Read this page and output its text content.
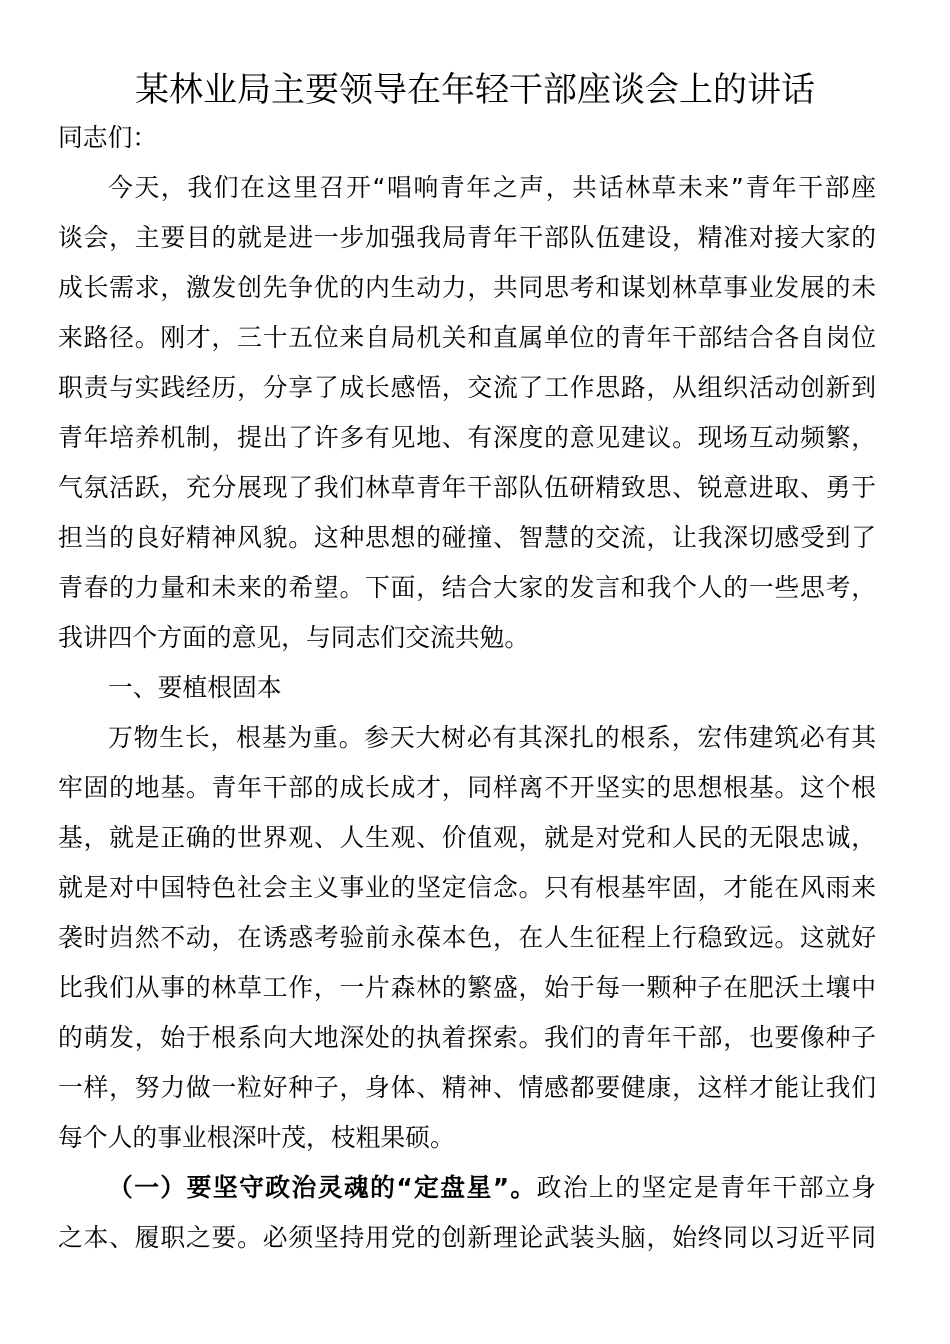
某林业局主要领导在年轻干部座谈会上的讲话
同志们：
今天，我们在这里召开“唱响青年之声，共话林草未来”青年干部座
谈会，主要目的就是进一步加强我局青年干部队伍建设，精准对接大家的
成长需求，激发创先争优的内生动力，共同思考和谋划林草事业发展的未
来路径。刚才，三十五位来自局机关和直属单位的青年干部结合各自岗位
职责与实践经历，分享了成长感悟，交流了工作思路，从组织活动创新到
青年培养机制，提出了许多有见地、有深度的意见建议。现场互动频繁，
气氛活跃，充分展现了我们林草青年干部队伍研精致思、锐意进取、勇于
担当的良好精神风貌。这种思想的碰撞、智慧的交流，让我深切感受到了
青春的力量和未来的希望。下面，结合大家的发言和我个人的一些思考，
我讲四个方面的意见，与同志们交流共勉。
一、要植根固本
万物生长，根基为重。参天大树必有其深扎的根系，宏伟建筑必有其
牢固的地基。青年干部的成长成才，同样离不开坚实的思想根基。这个根
基，就是正确的世界观、人生观、价值观，就是对党和人民的无限忠诚，
就是对中国特色社会主义事业的坚定信念。只有根基牢固，才能在风雨来
袭时岿然不动，在诱惑考验前永葆本色，在人生征程上行稳致远。这就好
比我们从事的林草工作，一片森林的繁盛，始于每一颗种子在肥沃土壤中
的萌发，始于根系向大地深处的执着探索。我们的青年干部，也要像种子
一样，努力做一粒好种子，身体、精神、情感都要健康，这样才能让我们
每个人的事业根深叶茂，枝粗果硕。
（一）要坚守政治灵魂的“定盘星”。政治上的坚定是青年干部立身
之本、履职之要。必须坚持用党的创新理论武装头脑，始终同以习近平同
